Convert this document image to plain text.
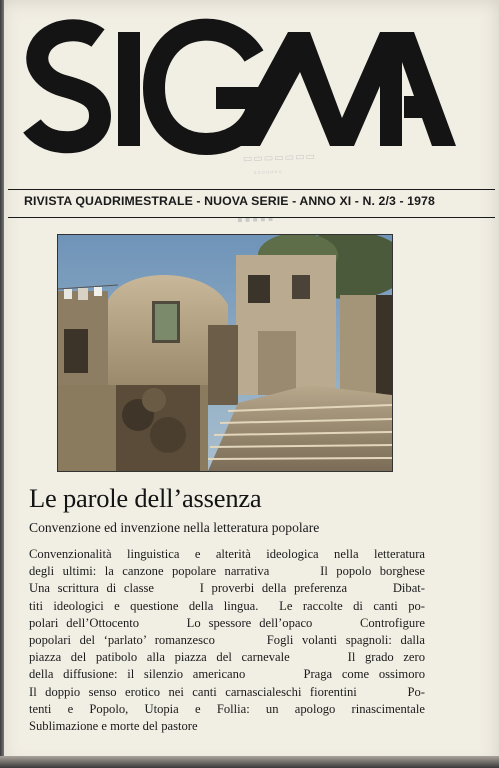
▭▭▭▭▭▭▭
▫▫▫▫▫▫▫
▪▪▪▪▪
RIVISTA QUADRIMESTRALE - NUOVA SERIE - ANNO XI - N. 2/3 - 1978
Le parole dell’assenza
Convenzione ed invenzione nella letteratura popolare
Convenzionalità linguistica e alterità ideologica nella letteratura
degli ultimi: la canzone popolare narrativa      Il popolo borghese
Una scrittura di classe      I proverbi della preferenza      Dibat-
titi ideologici e questione della lingua.  Le raccolte di canti po-
polari dell’Ottocento      Lo spessore dell’opaco      Controfigure
popolari del ‘parlato’ romanzesco      Fogli volanti spagnoli: dalla
piazza del patibolo alla piazza del carnevale      Il grado zero
della diffusione: il silenzio americano      Praga come ossimoro
Il doppio senso erotico nei canti carnascialeschi fiorentini      Po-
tenti e Popolo, Utopia e Follia: un apologo rinascimentale
Sublimazione e morte del pastore
